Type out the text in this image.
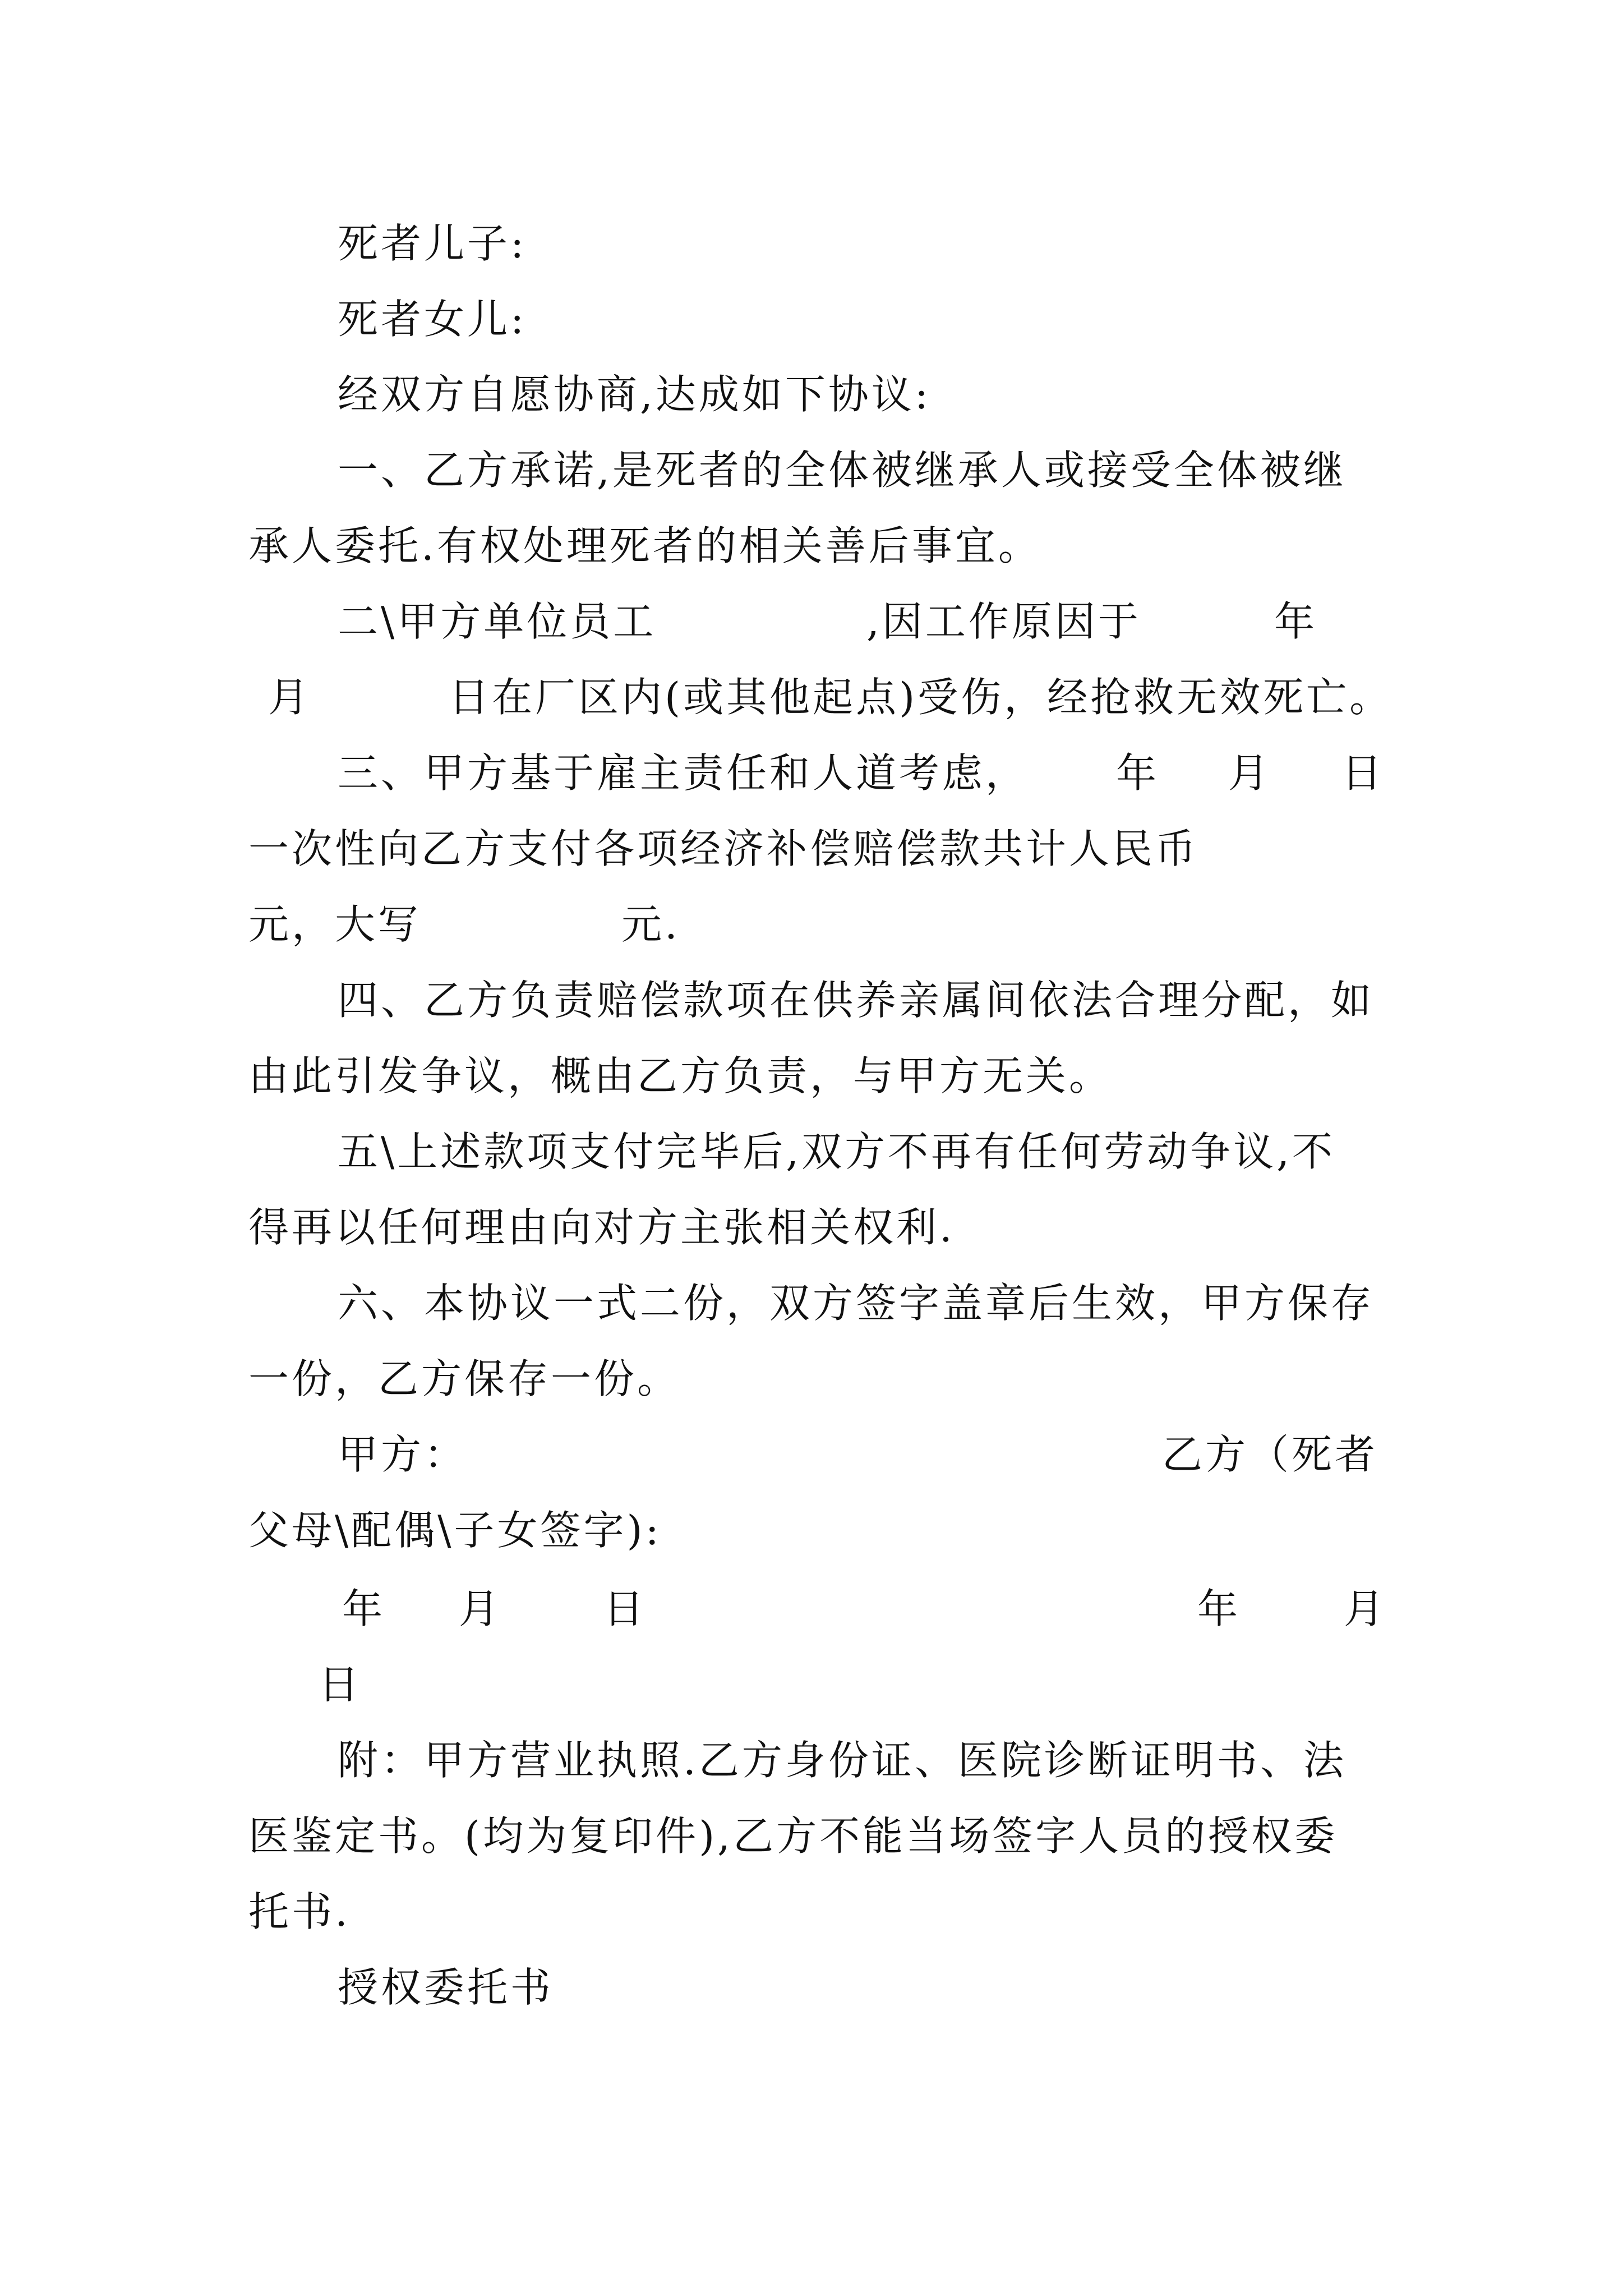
死者儿子:
死者女儿:
经双方自愿协商,达成如下协议:
一、乙方承诺,是死者的全体被继承人或接受全体被继
承人委托.有权处理死者的相关善后事宜。
二\甲方单位员工	,因工作原因于	年
月	日在厂区内(或其他起点)受伤，经抢救无效死亡。
三、甲方基于雇主责任和人道考虑， 年 月 日
一次性向乙方支付各项经济补偿赔偿款共计人民币
元，大写	元.
四、乙方负责赔偿款项在供养亲属间依法合理分配，如
由此引发争议，概由乙方负责，与甲方无关。
五\上述款项支付完毕后,双方不再有任何劳动争议,不
得再以任何理由向对方主张相关权利.
六、本协议一式二份，双方签字盖章后生效，甲方保存
一份，乙方保存一份。
甲方：	乙方（死者
父母\配偶\子女签字):
年 月	日	年	月
日
附：甲方营业执照.乙方身份证、医院诊断证明书、法
医鉴定书。(均为复印件),乙方不能当场签字人员的授权委
托书.
授权委托书
